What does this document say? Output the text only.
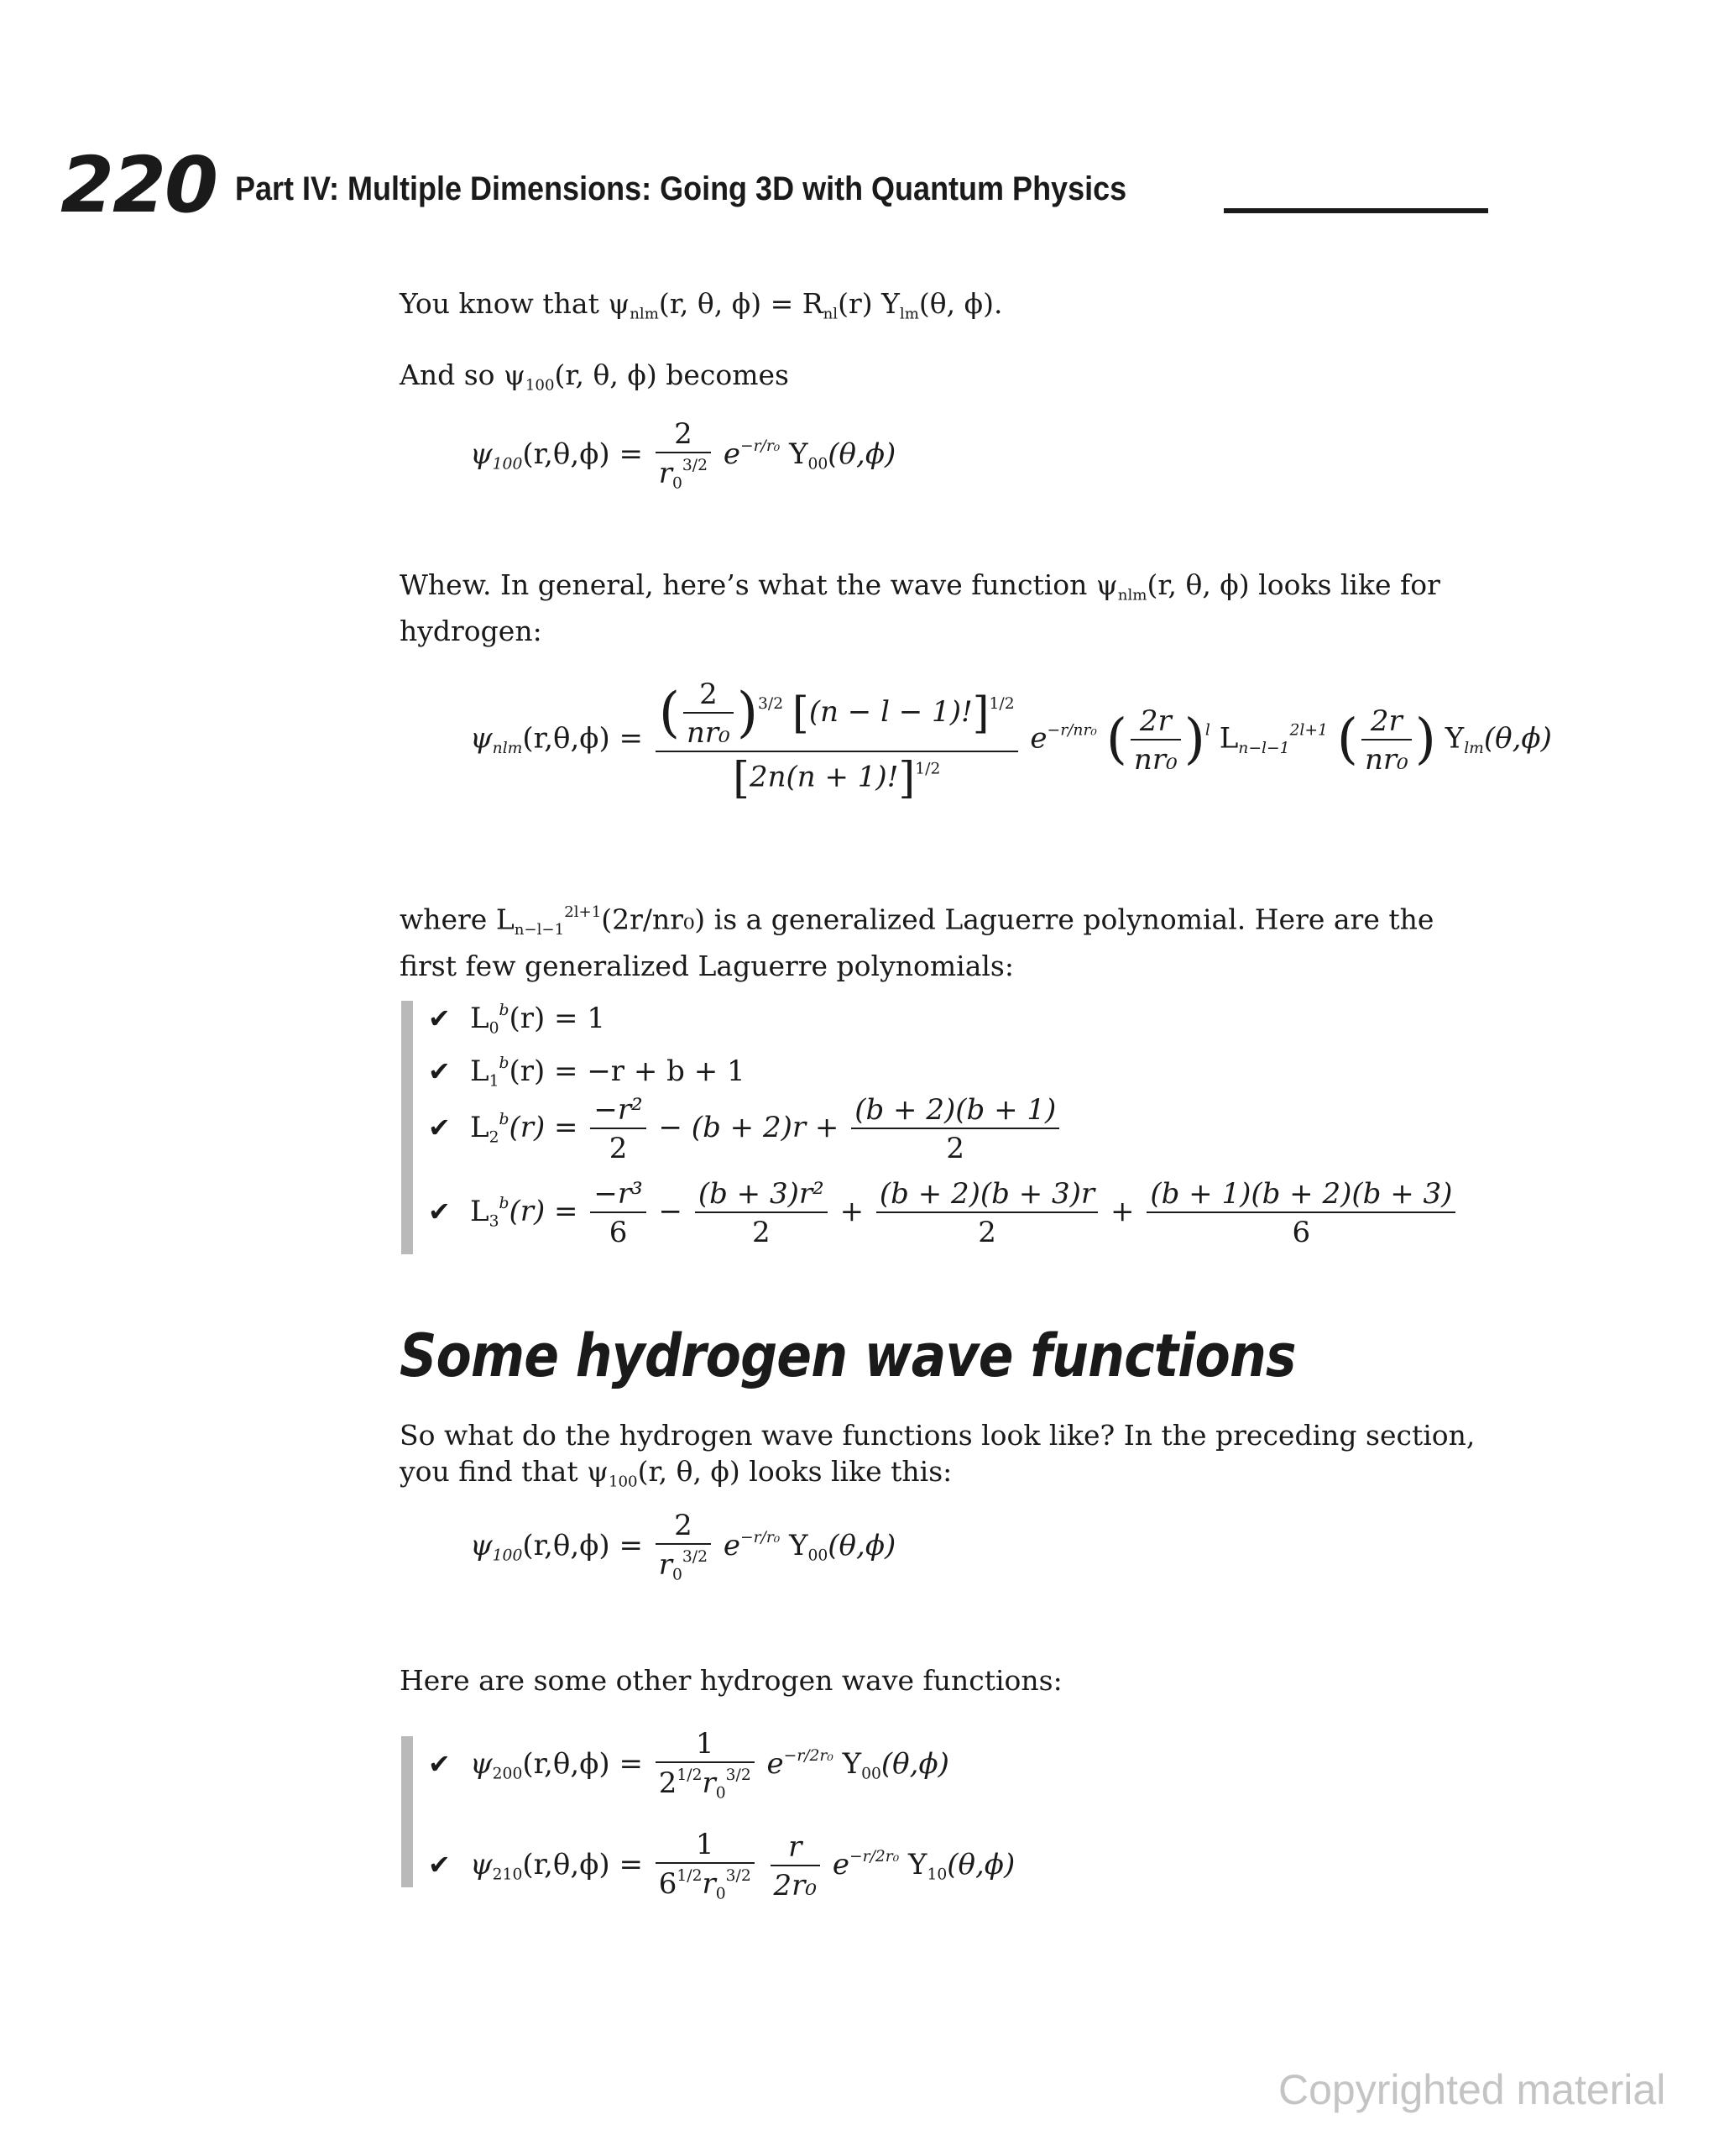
220 Part IV: Multiple Dimensions: Going 3D with Quantum Physics
You know that $\psi_{nlm}(r$, θ, $\phi) = R_{nl}(r)$ $Y_{lm}(\theta$, ϕ).
And so $\psi_{100}(r$, θ, ϕ) becomes
$\psi_{100}(r,\theta,\phi) = \frac{2}{r_0^{3/2}} e^{-r/r_0}$ $Y_{00}(\theta,\phi)$
Whew. In general, here’s what the wave function $\psi_{nlm}(r$, θ, ϕ) looks like for hydrogen:
$\psi_{nlm}(r,\theta,\phi) = \frac{( \frac{2}{\text{nr₀}} )^{3/2} [(n - l - 1)!]^{1/2}}{[2n(n + 1)!]^{1/2}} e^{-r/nr_0}$ ( $\frac{2r}{\text{nr₀}} )^l$ $L_{n-l-1}^{2l+1}$ ( $\frac{2r}{\text{nr₀}}$ ) $Y_{lm}(\theta,\phi)$
where $L_{n-l-1}^{2l+1}(2r/nr_0)$ is a generalized Laguerre polynomial. Here are the first few generalized Laguerre polynomials:
✔ $L_0^b(r) = 1$
✔ $L_1^b(r) = -r + b + 1$
✔ $L_2^b(r) = \frac{\text{−r²}}{2} - (b + 2)r + \frac{(b + 2)(b + 1)}{2}$
✔ $L_3^b(r) = \frac{\text{−r³}}{6} - \frac{\text{(b + 3)r²}}{2} + \frac{(b + 2)(b + 3)r}{2} + \frac{(b + 1)(b + 2)(b + 3)}{6}$
Some hydrogen wave functions
So what do the hydrogen wave functions look like? In the preceding section, you find that $\psi_{100}(r$, θ, ϕ) looks like this:
$\psi_{100}(r,\theta,\phi) = \frac{2}{r_0^{3/2}} e^{-r/r_0}$ $Y_{00}(\theta,\phi)$
Here are some other hydrogen wave functions:
✔ $\psi_{200}(r,\theta,\phi) = \frac{1}{2^{1/2}r_0^{3/2}} e^{-r/2r_0}$ $Y_{00}(\theta,\phi)$
✔ $\psi_{210}(r,\theta,\phi) = \frac{1}{6^{1/2}r_0^{3/2}}$
$\frac{r}{\text{2r₀}} e^{-r/2r_0}$ $Y_{10}(\theta,\phi)$
Copyrighted material
